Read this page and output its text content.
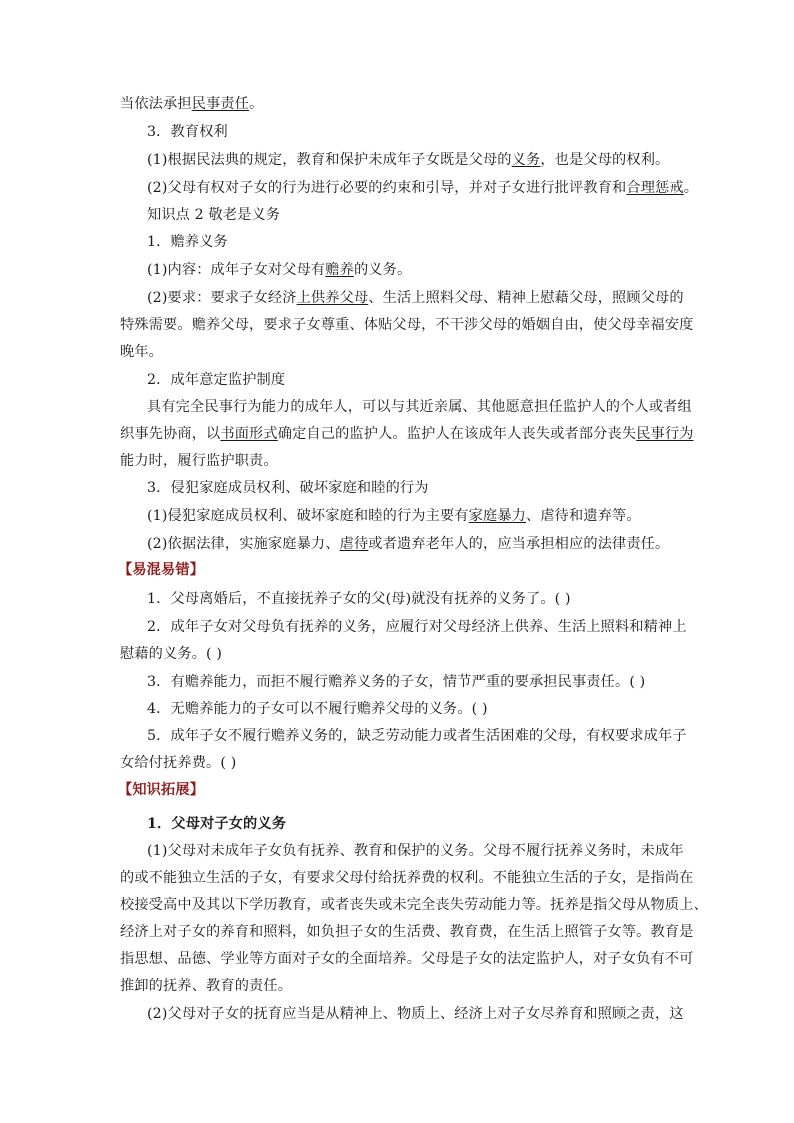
当依法承担民事责任。
3．教育权利
(1)根据民法典的规定，教育和保护未成年子女既是父母的义务，也是父母的权利。
(2)父母有权对子女的行为进行必要的约束和引导，并对子女进行批评教育和合理惩戒。
知识点 2 敬老是义务
1．赡养义务
(1)内容：成年子女对父母有赡养的义务。
(2)要求：要求子女经济上供养父母、生活上照料父母、精神上慰藉父母，照顾父母的
特殊需要。赡养父母，要求子女尊重、体贴父母，不干涉父母的婚姻自由，使父母幸福安度
晚年。
2．成年意定监护制度
具有完全民事行为能力的成年人，可以与其近亲属、其他愿意担任监护人的个人或者组
织事先协商，以书面形式确定自己的监护人。监护人在该成年人丧失或者部分丧失民事行为
能力时，履行监护职责。
3．侵犯家庭成员权利、破坏家庭和睦的行为
(1)侵犯家庭成员权利、破坏家庭和睦的行为主要有家庭暴力、虐待和遗弃等。
(2)依据法律，实施家庭暴力、虐待或者遗弃老年人的，应当承担相应的法律责任。
【易混易错】
1．父母离婚后，不直接抚养子女的父(母)就没有抚养的义务了。( )
2．成年子女对父母负有抚养的义务，应履行对父母经济上供养、生活上照料和精神上
慰藉的义务。( )
3．有赡养能力，而拒不履行赡养义务的子女，情节严重的要承担民事责任。( )
4．无赡养能力的子女可以不履行赡养父母的义务。( )
5．成年子女不履行赡养义务的，缺乏劳动能力或者生活困难的父母，有权要求成年子
女给付抚养费。( )
【知识拓展】
1．父母对子女的义务
(1)父母对未成年子女负有抚养、教育和保护的义务。父母不履行抚养义务时，未成年
的或不能独立生活的子女，有要求父母付给抚养费的权利。不能独立生活的子女，是指尚在
校接受高中及其以下学历教育，或者丧失或未完全丧失劳动能力等。抚养是指父母从物质上、
经济上对子女的养育和照料，如负担子女的生活费、教育费，在生活上照管子女等。教育是
指思想、品德、学业等方面对子女的全面培养。父母是子女的法定监护人，对子女负有不可
推卸的抚养、教育的责任。
(2)父母对子女的抚育应当是从精神上、物质上、经济上对子女尽养育和照顾之责，这
